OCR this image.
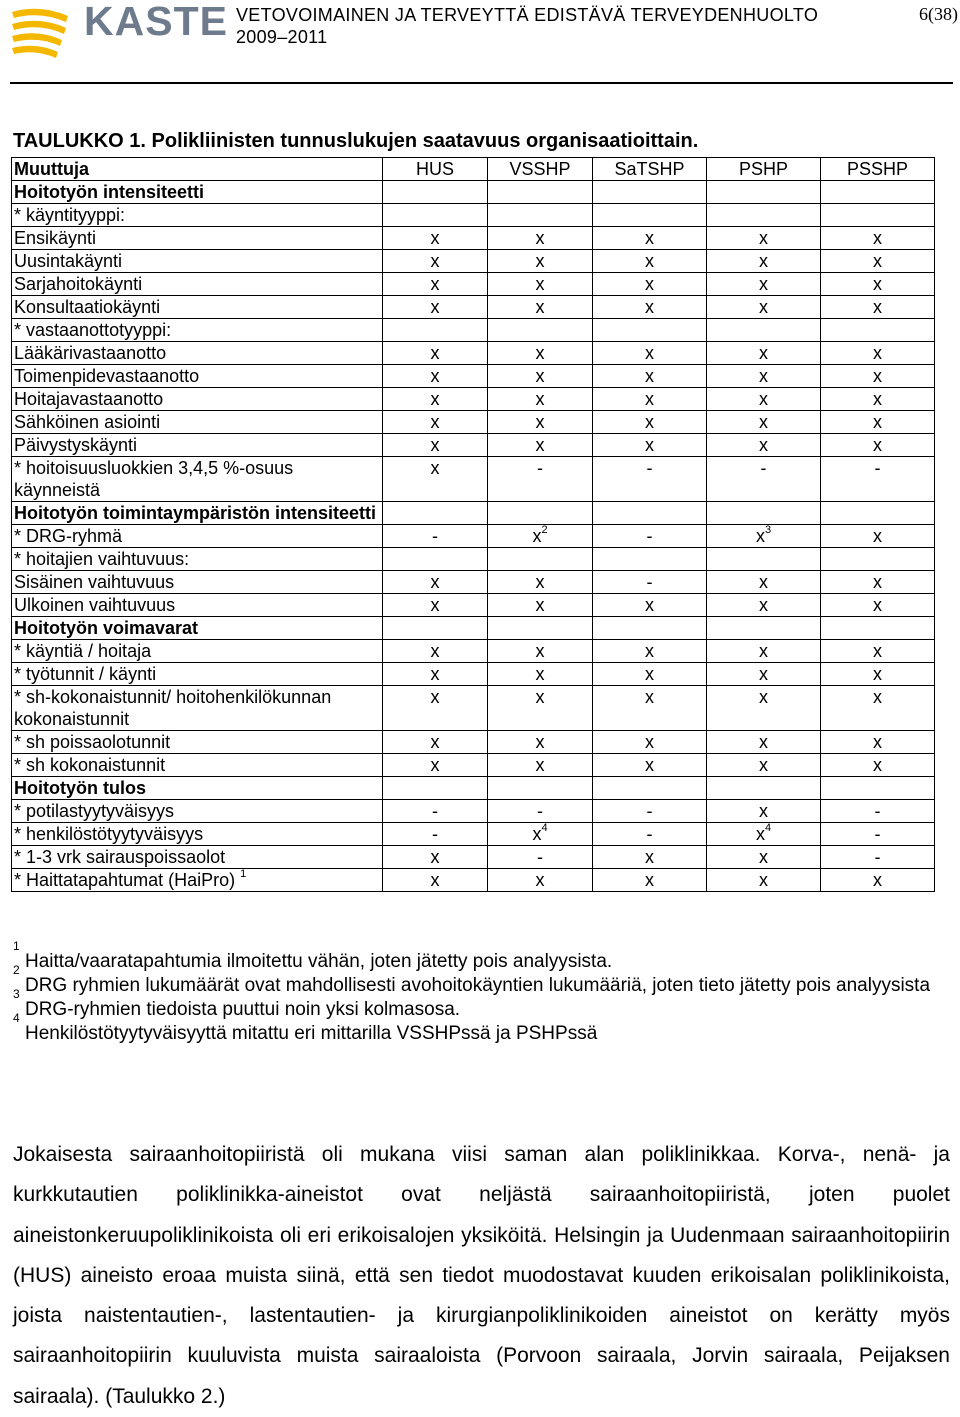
KASTE VETOVOIMAINEN JA TERVEYTTÄ EDISTÄVÄ TERVEYDENHUOLTO
2009–2011
6(38)
TAULUKKO 1. Polikliinisten tunnuslukujen saatavuus organisaatioittain.
Muuttuja	HUS	VSSHP	SaTSHP	PSHP	PSSHP
Hoitotyön intensiteetti					
* käyntityyppi:					
Ensikäynti	x	x	x	x	x
Uusintakäynti	x	x	x	x	x
Sarjahoitokäynti	x	x	x	x	x
Konsultaatiokäynti	x	x	x	x	x
* vastaanottotyyppi:					
Lääkärivastaanotto	x	x	x	x	x
Toimenpidevastaanotto	x	x	x	x	x
Hoitajavastaanotto	x	x	x	x	x
Sähköinen asiointi	x	x	x	x	x
Päivystyskäynti	x	x	x	x	x
* hoitoisuusluokkien 3,4,5 %-osuus käynneistä	x	-	-	-	-
Hoitotyön toimintaympäristön intensiteetti					
* DRG-ryhmä	-	$x^2$	-	$x^3$	x
* hoitajien vaihtuvuus:					
Sisäinen vaihtuvuus	x	x	-	x	x
Ulkoinen vaihtuvuus	x	x	x	x	x
Hoitotyön voimavarat					
* käyntiä / hoitaja	x	x	x	x	x
* työtunnit / käynti	x	x	x	x	x
* sh-kokonaistunnit/ hoitohenkilökunnan kokonaistunnit	x	x	x	x	x
* sh poissaolotunnit	x	x	x	x	x
* sh kokonaistunnit	x	x	x	x	x
Hoitotyön tulos					
* potilastyytyväisyys	-	-	-	x	-
* henkilöstötyytyväisyys	-	$x^4$	-	$x^4$	-
* 1-3 vrk sairauspoissaolot	x	-	x	x	-
* Haittatapahtumat (HaiPro) $^1$	x	x	x	x	x

$^1$ Haitta/vaaratapahtumia ilmoitettu vähän, joten jätetty pois analyysista.

$^2$ DRG ryhmien lukumäärät ovat mahdollisesti avohoitokäyntien lukumääriä, joten tieto jätetty pois analyysista

$^3$ DRG-ryhmien tiedoista puuttui noin yksi kolmasosa.

$^4$ Henkilöstötyytyväisyyttä mitattu eri mittarilla VSSHPssä ja PSHPssä

Jokaisesta sairaanhoitopiiristä oli mukana viisi saman alan poliklinikkaa. Korva-, nenä- ja kurkkutautien poliklinikka-aineistot ovat neljästä sairaanhoitopiiristä, joten puolet aineistonkeruupoliklinikoista oli eri erikoisalojen yksiköitä. Helsingin ja Uudenmaan sairaanhoitopiirin (HUS) aineisto eroaa muista siinä, että sen tiedot muodostavat kuuden erikoisalan poliklinikoista, joista naistentautien-, lastentautien- ja kirurgianpoliklinikoiden aineistot on kerätty myös sairaanhoitopiirin kuuluvista muista sairaaloista (Porvoon sairaala, Jorvin sairaala, Peijaksen sairaala). (Taulukko 2.)
